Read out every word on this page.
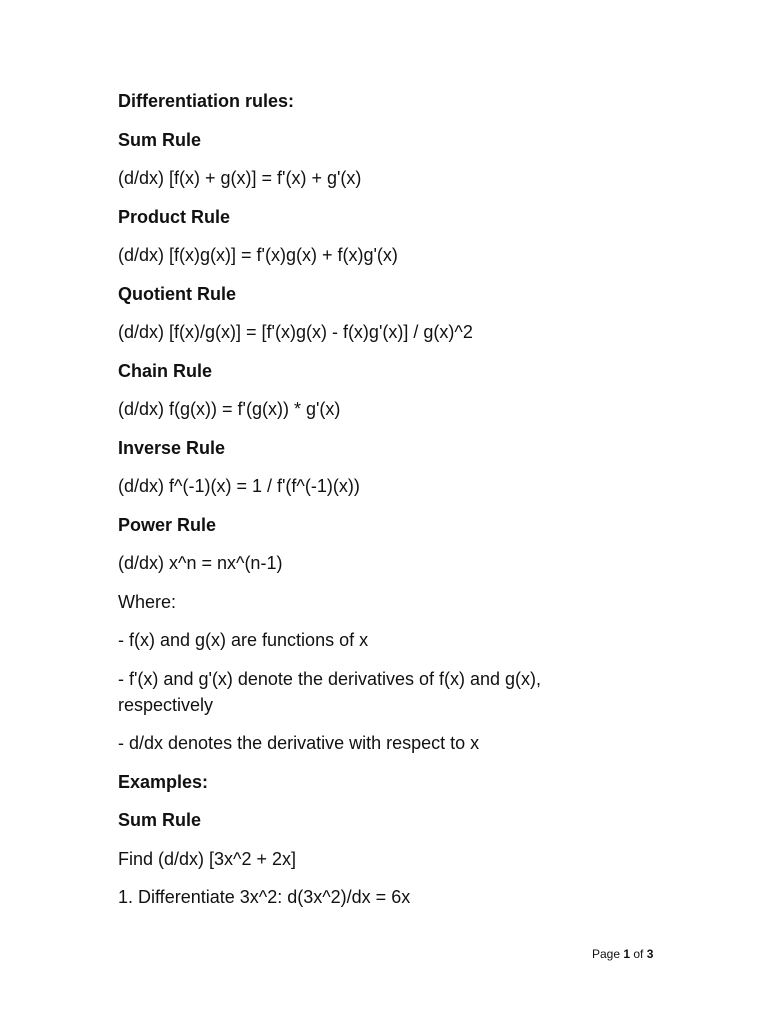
Differentiation rules:

Sum Rule

(d/dx) [f(x) + g(x)] = f'(x) + g'(x)

Product Rule

(d/dx) [f(x)g(x)] = f'(x)g(x) + f(x)g'(x)

Quotient Rule

(d/dx) [f(x)/g(x)] = [f'(x)g(x) - f(x)g'(x)] / g(x)^2

Chain Rule

(d/dx) f(g(x)) = f'(g(x)) * g'(x)

Inverse Rule

(d/dx) f^(-1)(x) = 1 / f'(f^(-1)(x))

Power Rule

(d/dx) x^n = nx^(n-1)

Where:

- f(x) and g(x) are functions of x

- f'(x) and g'(x) denote the derivatives of f(x) and g(x),
respectively

- d/dx denotes the derivative with respect to x

Examples:

Sum Rule

Find (d/dx) [3x^2 + 2x]

1. Differentiate 3x^2: d(3x^2)/dx = 6x

Page 1 of 3
